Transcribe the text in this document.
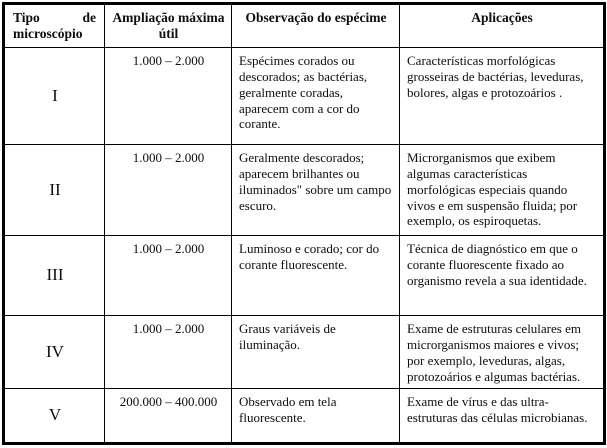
Tipo de microscópio	Ampliação máxima útil	Observação do espécime	Aplicações
I	1.000 – 2.000	Espécimes corados ou descorados; as bactérias, geralmente coradas, aparecem com a cor do corante.	Características morfológicas grosseiras de bactérias, leveduras, bolores, algas e protozoários .
II	1.000 – 2.000	Geralmente descorados; aparecem brilhantes ou iluminados" sobre um campo escuro.	Microrganismos que exibem algumas características morfológicas especiais quando vivos e em suspensão fluida; por exemplo, os espiroquetas.
III	1.000 – 2.000	Luminoso e corado; cor do corante fluorescente.	Técnica de diagnóstico em que o corante fluorescente fixado ao organismo revela a sua identidade.
IV	1.000 – 2.000	Graus variáveis de iluminação.	Exame de estruturas celulares em microrganismos maiores e vivos; por exemplo, leveduras, algas, protozoários e algumas bactérias.
V	200.000 – 400.000	Observado em tela fluorescente.	Exame de vírus e das ultra-estruturas das células microbianas.
